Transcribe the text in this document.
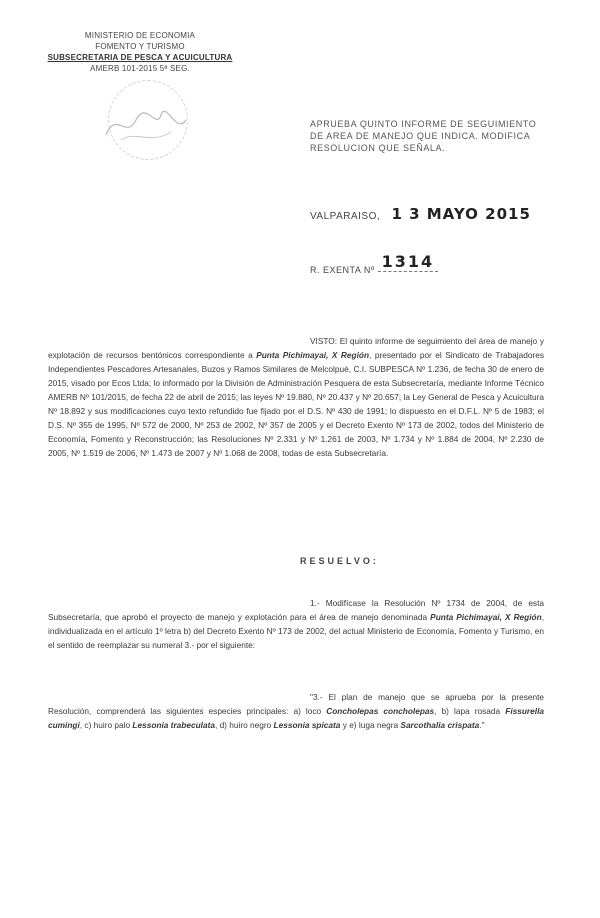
MINISTERIO DE ECONOMIA
FOMENTO Y TURISMO
SUBSECRETARIA DE PESCA Y ACUICULTURA
AMERB 101-2015 5ª SEG.
APRUEBA QUINTO INFORME DE SEGUIMIENTO DE AREA DE MANEJO QUE INDICA. MODIFICA RESOLUCION QUE SEÑALA.
VALPARAISO, 1 3 MAYO 2015
R. EXENTA Nº 1314
VISTO: El quinto informe de seguimiento del área de manejo y explotación de recursos bentónicos correspondiente a Punta Pichimayai, X Región, presentado por el Sindicato de Trabajadores Independientes Pescadores Artesanales, Buzos y Ramos Similares de Melcolpué, C.I. SUBPESCA Nº 1.236, de fecha 30 de enero de 2015, visado por Ecos Ltda; lo informado por la División de Administración Pesquera de esta Subsecretaría, mediante Informe Técnico AMERB Nº 101/2015, de fecha 22 de abril de 2015; las leyes Nº 19.880, Nº 20.437 y Nº 20.657; la Ley General de Pesca y Acuicultura Nº 18.892 y sus modificaciones cuyo texto refundido fue fijado por el D.S. Nº 430 de 1991; lo dispuesto en el D.F.L. Nº 5 de 1983; el D.S. Nº 355 de 1995, Nº 572 de 2000, Nº 253 de 2002, Nº 357 de 2005 y el Decreto Exento Nº 173 de 2002, todos del Ministerio de Economía, Fomento y Reconstrucción; las Resoluciones Nº 2.331 y Nº 1.261 de 2003, Nº 1.734 y Nº 1.884 de 2004, Nº 2.230 de 2005, Nº 1.519 de 2006, Nº 1.473 de 2007 y Nº 1.068 de 2008, todas de esta Subsecretaría.
RESUELVO:
1.- Modifícase la Resolución Nº 1734 de 2004, de esta Subsecretaría, que aprobó el proyecto de manejo y explotación para el área de manejo denominada Punta Pichimayai, X Región, individualizada en el artículo 1º letra b) del Decreto Exento Nº 173 de 2002, del actual Ministerio de Economía, Fomento y Turismo, en el sentido de reemplazar su numeral 3.- por el siguiente:
"3.- El plan de manejo que se aprueba por la presente Resolución, comprenderá las siguientes especies principales: a) loco Concholepas concholepas, b) lapa rosada Fissurella cumingi, c) huiro palo Lessonia trabeculata, d) huiro negro Lessonia spicata y e) luga negra Sarcothalia crispata."
